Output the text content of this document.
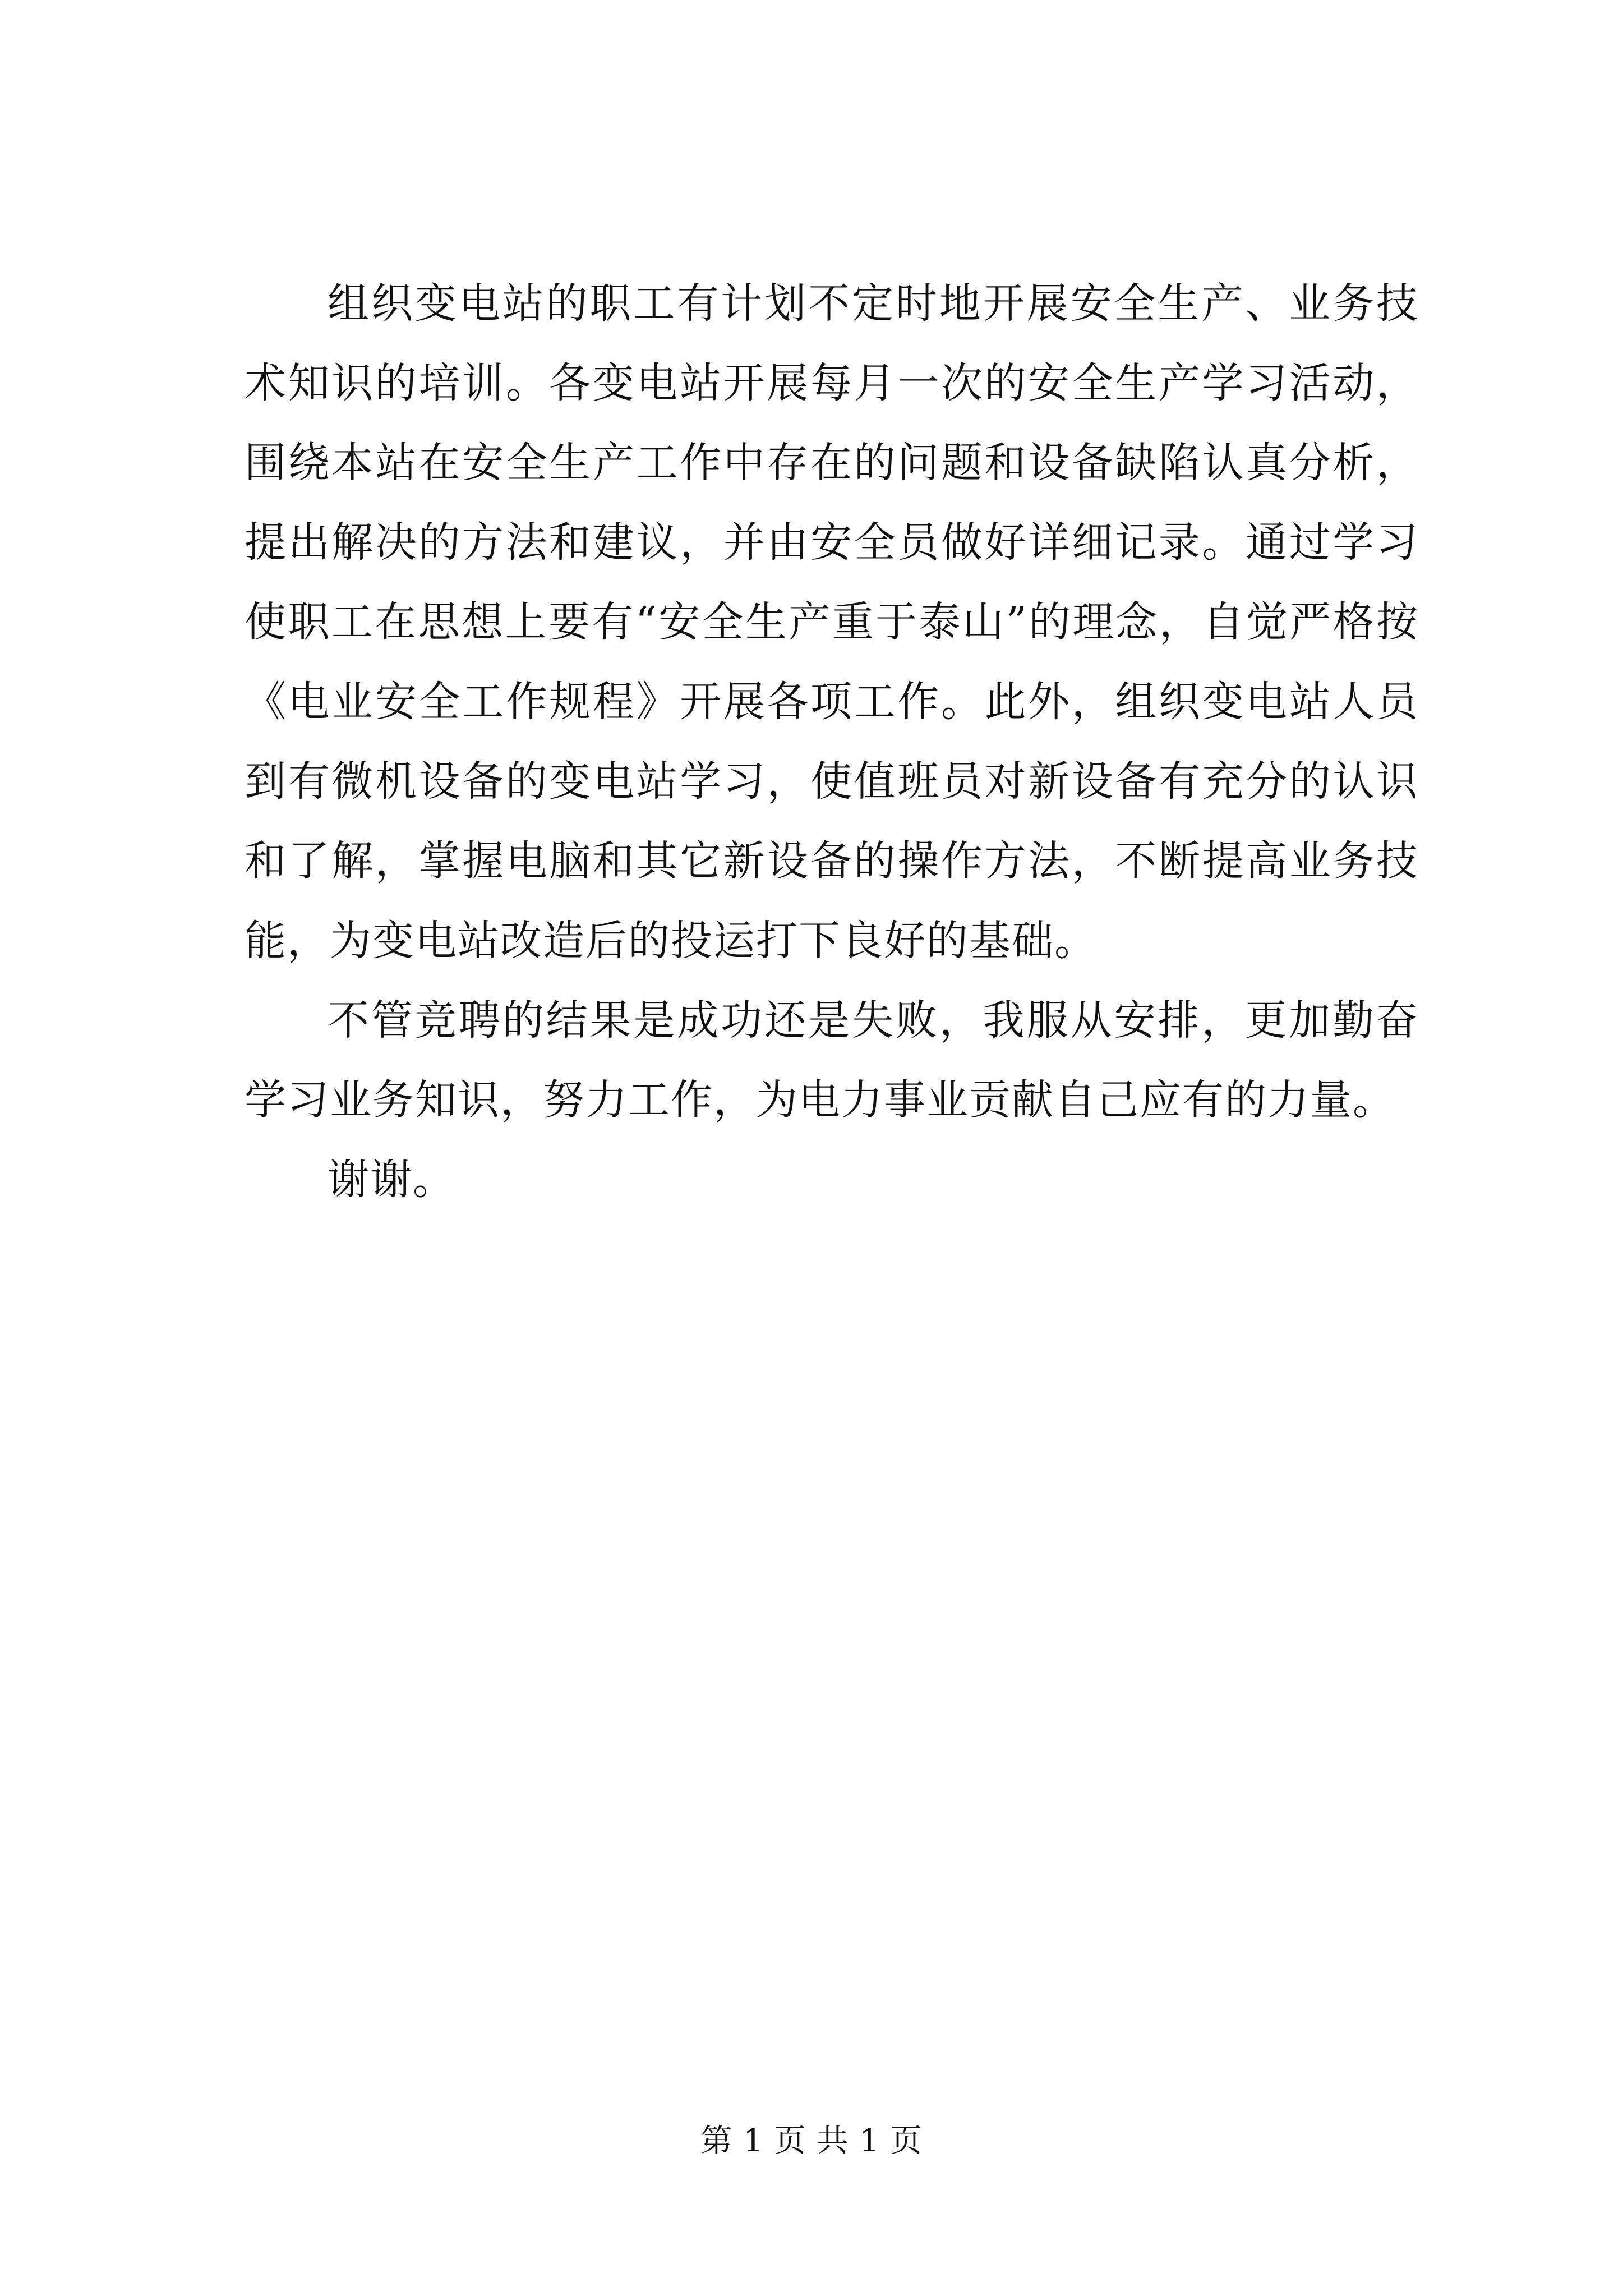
组织变电站的职工有计划不定时地开展安全生产、业务技术知识的培训。各变电站开展每月一次的安全生产学习活动，围绕本站在安全生产工作中存在的问题和设备缺陷认真分析，提出解决的方法和建议，并由安全员做好详细记录。通过学习使职工在思想上要有“安全生产重于泰山”的理念，自觉严格按《电业安全工作规程》开展各项工作。此外，组织变电站人员到有微机设备的变电站学习，使值班员对新设备有充分的认识和了解，掌握电脑和其它新设备的操作方法，不断提高业务技能，为变电站改造后的投运打下良好的基础。

不管竞聘的结果是成功还是失败，我服从安排，更加勤奋学习业务知识，努力工作，为电力事业贡献自己应有的力量。

谢谢。

第 1 页 共 1 页
